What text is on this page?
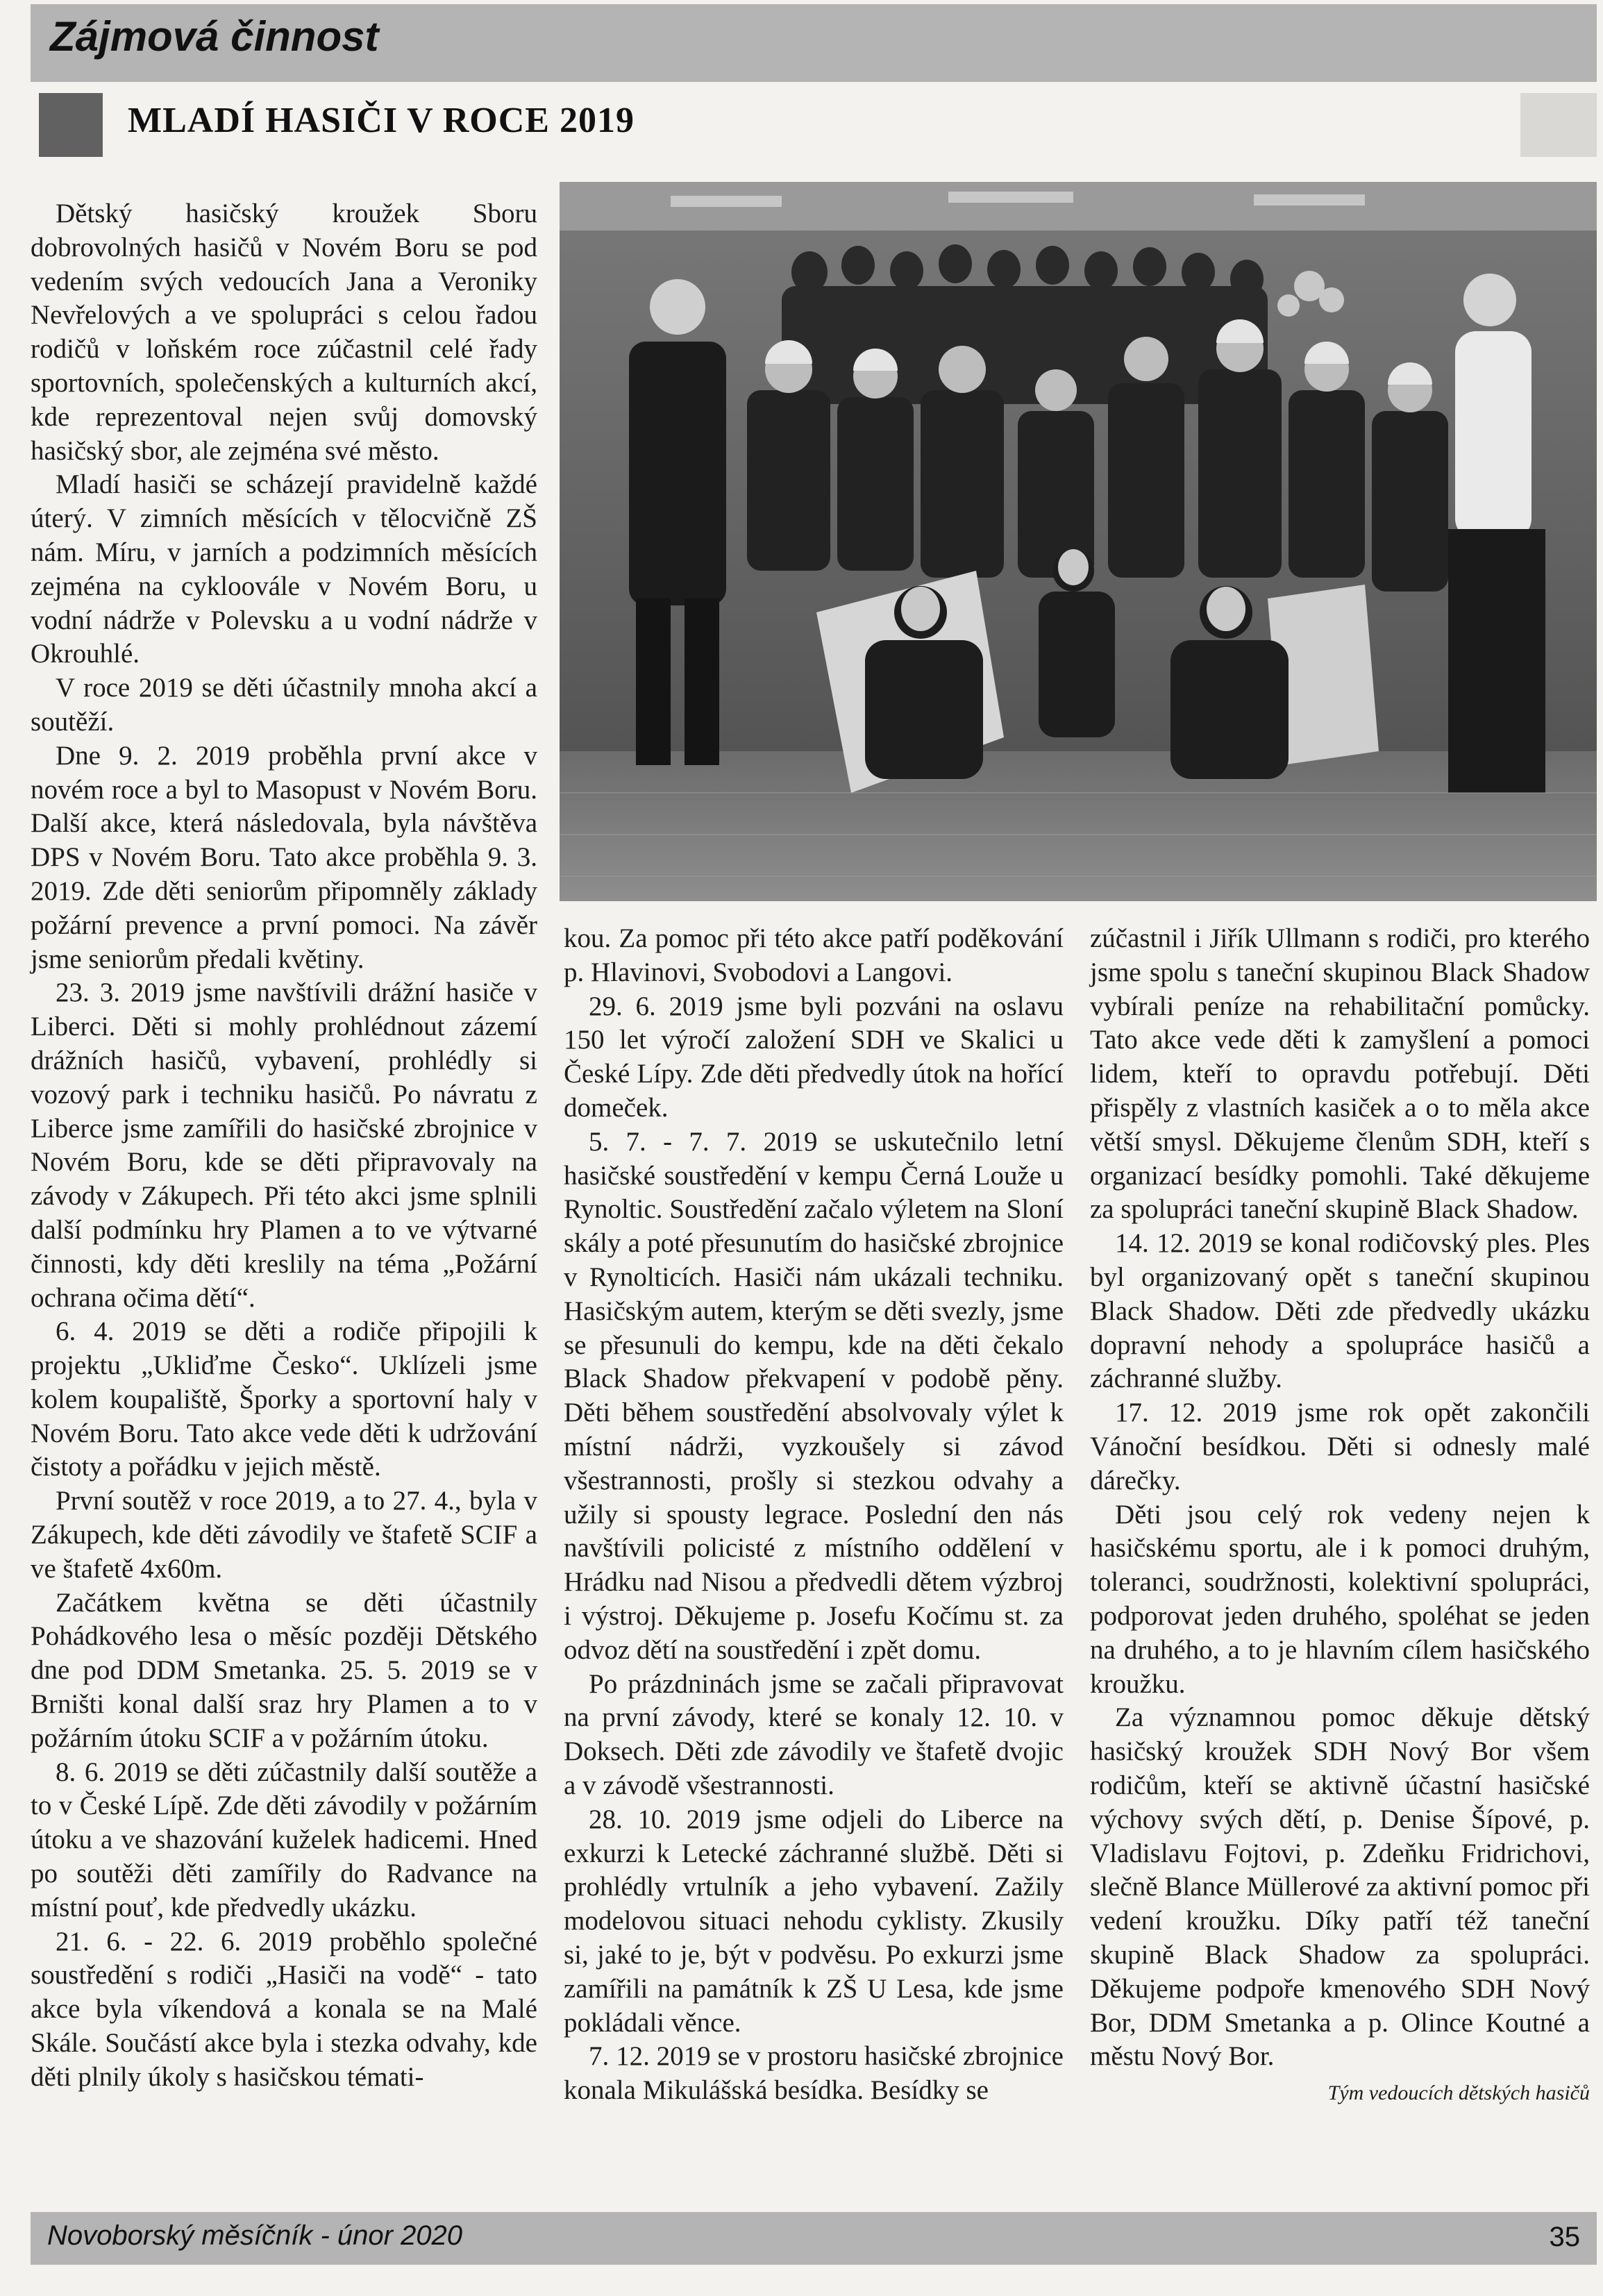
Zájmová činnost
MLADÍ HASIČI V ROCE 2019

Dětský hasičský kroužek Sboru dobrovolných hasičů v Novém Boru se pod vedením svých vedoucích Jana a Veroniky Nevřelových a ve spolupráci s celou řadou rodičů v loňském roce zúčastnil celé řady sportovních, společenských a kulturních akcí, kde reprezentoval nejen svůj domovský hasičský sbor, ale zejména své město.

Mladí hasiči se scházejí pravidelně každé úterý. V zimních měsících v tělocvičně ZŠ nám. Míru, v jarních a podzimních měsících zejména na cykloovále v Novém Boru, u vodní nádrže v Polevsku a u vodní nádrže v Okrouhlé.

V roce 2019 se děti účastnily mnoha akcí a soutěží.

Dne 9. 2. 2019 proběhla první akce v novém roce a byl to Masopust v Novém Boru. Další akce, která následovala, byla návštěva DPS v Novém Boru. Tato akce proběhla 9. 3. 2019. Zde děti seniorům připomněly základy požární prevence a první pomoci. Na závěr jsme seniorům předali květiny.

23. 3. 2019 jsme navštívili drážní hasiče v Liberci. Děti si mohly prohlédnout zázemí drážních hasičů, vybavení, prohlédly si vozový park i techniku hasičů. Po návratu z Liberce jsme zamířili do hasičské zbrojnice v Novém Boru, kde se děti připravovaly na závody v Zákupech. Při této akci jsme splnili další podmínku hry Plamen a to ve výtvarné činnosti, kdy děti kreslily na téma „Požární ochrana očima dětí“.

6. 4. 2019 se děti a rodiče připojili k projektu „Ukliďme Česko“. Uklízeli jsme kolem koupaliště, Šporky a sportovní haly v Novém Boru. Tato akce vede děti k udržování čistoty a pořádku v jejich městě.

První soutěž v roce 2019, a to 27. 4., byla v Zákupech, kde děti závodily ve štafetě SCIF a ve štafetě 4x60m.

Začátkem května se děti účastnily Pohádkového lesa o měsíc později Dětského dne pod DDM Smetanka. 25. 5. 2019 se v Brništi konal další sraz hry Plamen a to v požárním útoku SCIF a v požárním útoku.

8. 6. 2019 se děti zúčastnily další soutěže a to v České Lípě. Zde děti závodily v požárním útoku a ve shazování kuželek hadicemi. Hned po soutěži děti zamířily do Radvance na místní pouť, kde předvedly ukázku.

21. 6. - 22. 6. 2019 proběhlo společné soustředění s rodiči „Hasiči na vodě“ - tato akce byla víkendová a konala se na Malé Skále. Součástí akce byla i stezka odvahy, kde děti plnily úkoly s hasičskou témati-

kou. Za pomoc při této akce patří poděkování p. Hlavinovi, Svobodovi a Langovi.

29. 6. 2019 jsme byli pozváni na oslavu 150 let výročí založení SDH ve Skalici u České Lípy. Zde děti předvedly útok na hořící domeček.

5. 7. - 7. 7. 2019 se uskutečnilo letní hasičské soustředění v kempu Černá Louže u Rynoltic. Soustředění začalo výletem na Sloní skály a poté přesunutím do hasičské zbrojnice v Rynolticích. Hasiči nám ukázali techniku. Hasičským autem, kterým se děti svezly, jsme se přesunuli do kempu, kde na děti čekalo Black Shadow překvapení v podobě pěny. Děti během soustředění absolvovaly výlet k místní nádrži, vyzkoušely si závod všestrannosti, prošly si stezkou odvahy a užily si spousty legrace. Poslední den nás navštívili policisté z místního oddělení v Hrádku nad Nisou a předvedli dětem výzbroj i výstroj. Děkujeme p. Josefu Kočímu st. za odvoz dětí na soustředění i zpět domu.

Po prázdninách jsme se začali připravovat na první závody, které se konaly 12. 10. v Doksech. Děti zde závodily ve štafetě dvojic a v závodě všestrannosti.

28. 10. 2019 jsme odjeli do Liberce na exkurzi k Letecké záchranné službě. Děti si prohlédly vrtulník a jeho vybavení. Zažily modelovou situaci nehodu cyklisty. Zkusily si, jaké to je, být v podvěsu. Po exkurzi jsme zamířili na památník k ZŠ U Lesa, kde jsme pokládali věnce.

7. 12. 2019 se v prostoru hasičské zbrojnice konala Mikulášská besídka. Besídky se

zúčastnil i Jiřík Ullmann s rodiči, pro kterého jsme spolu s taneční skupinou Black Shadow vybírali peníze na rehabilitační pomůcky. Tato akce vede děti k zamyšlení a pomoci lidem, kteří to opravdu potřebují. Děti přispěly z vlastních kasiček a o to měla akce větší smysl. Děkujeme členům SDH, kteří s organizací besídky pomohli. Také děkujeme za spolupráci taneční skupině Black Shadow.

14. 12. 2019 se konal rodičovský ples. Ples byl organizovaný opět s taneční skupinou Black Shadow. Děti zde předvedly ukázku dopravní nehody a spolupráce hasičů a záchranné služby.

17. 12. 2019 jsme rok opět zakončili Vánoční besídkou. Děti si odnesly malé dárečky.

Děti jsou celý rok vedeny nejen k hasičskému sportu, ale i k pomoci druhým, toleranci, soudržnosti, kolektivní spolupráci, podporovat jeden druhého, spoléhat se jeden na druhého, a to je hlavním cílem hasičského kroužku.

Za významnou pomoc děkuje dětský hasičský kroužek SDH Nový Bor všem rodičům, kteří se aktivně účastní hasičské výchovy svých dětí, p. Denise Šípové, p. Vladislavu Fojtovi, p. Zdeňku Fridrichovi, slečně Blance Müllerové za aktivní pomoc při vedení kroužku. Díky patří též taneční skupině Black Shadow za spolupráci. Děkujeme podpoře kmenového SDH Nový Bor, DDM Smetanka a p. Olince Koutné a městu Nový Bor.

Tým vedoucích dětských hasičů

Novoborský měsíčník - únor 2020	35
